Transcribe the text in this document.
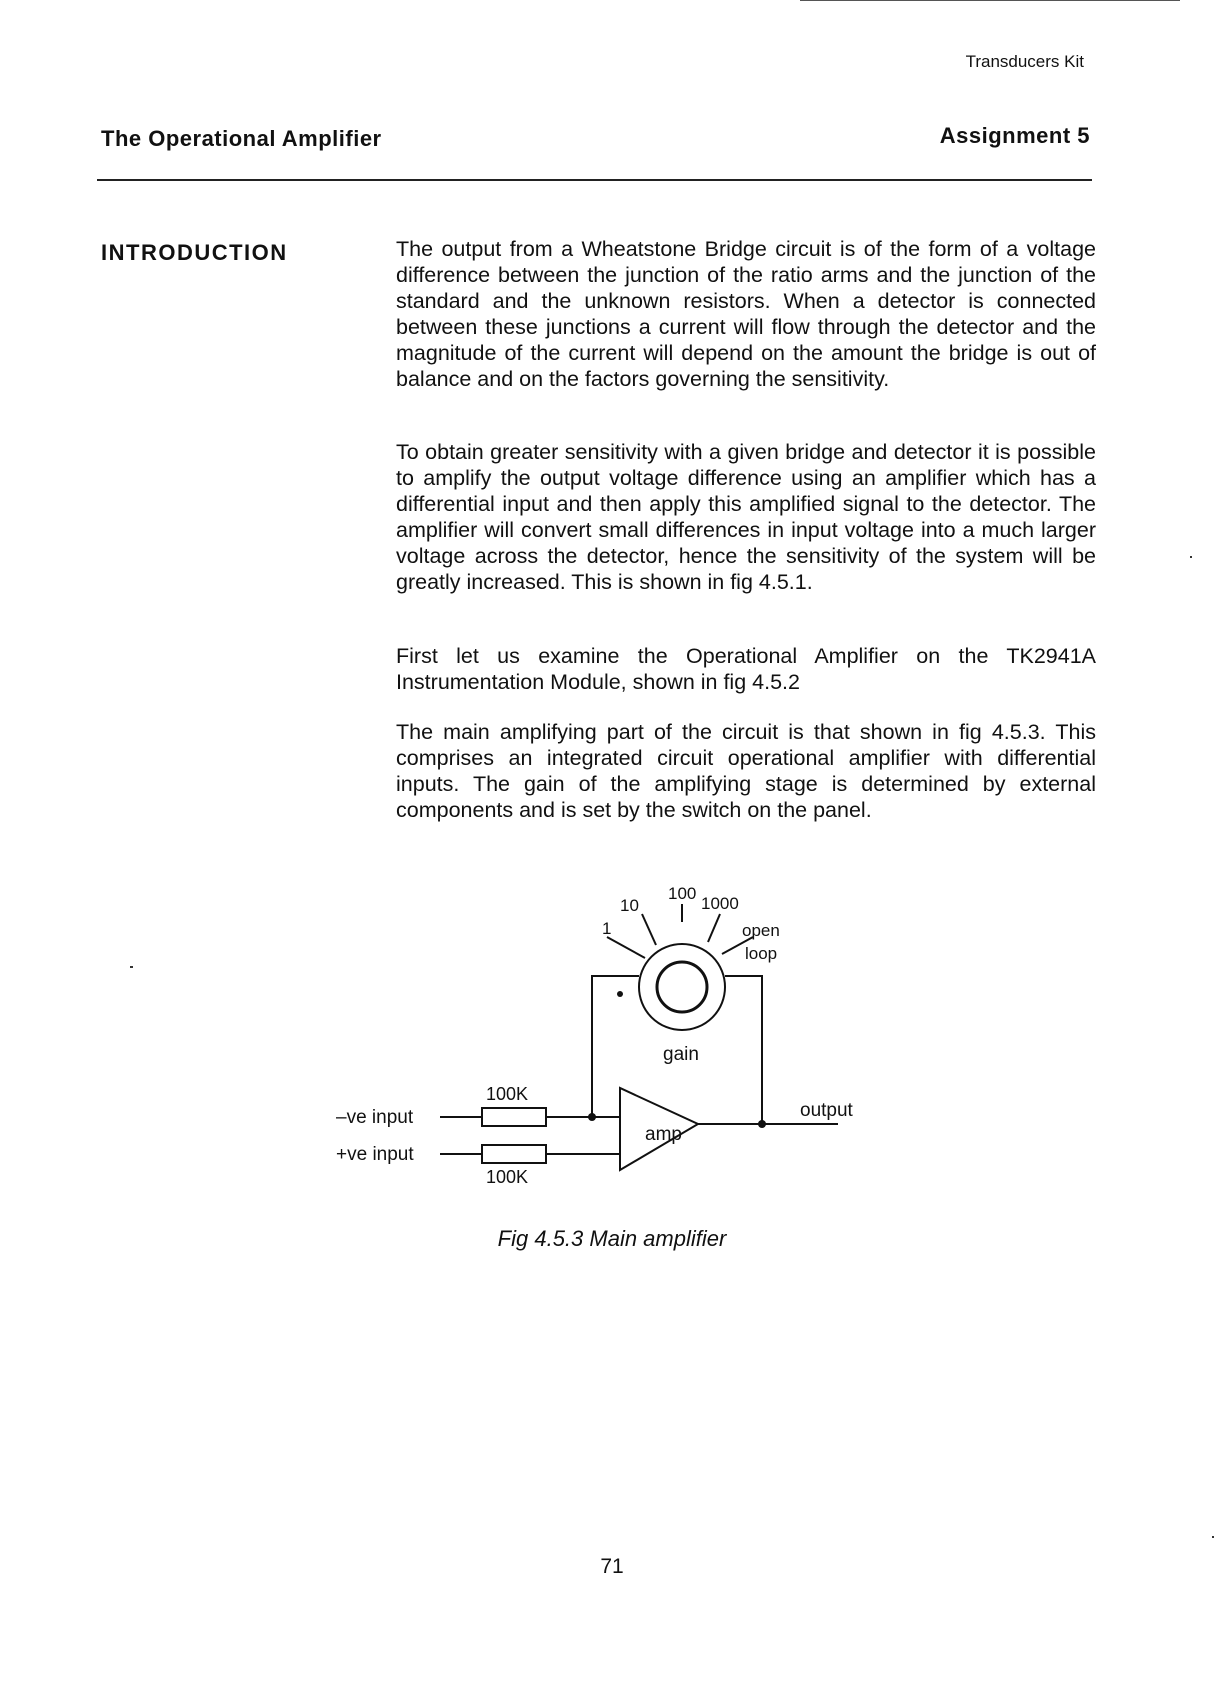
Transducers Kit
The Operational Amplifier	Assignment 5
INTRODUCTION	The output from a Wheatstone Bridge circuit is of the form of a voltage difference between the junction of the ratio arms and the junction of the standard and the unknown resistors. When a detector is connected between these junctions a current will flow through the detector and the magnitude of the current will depend on the amount the bridge is out of balance and on the factors governing the sensitivity.

To obtain greater sensitivity with a given bridge and detector it is possible to amplify the output voltage difference using an amplifier which has a differential input and then apply this amplified signal to the detector. The amplifier will convert small differences in input voltage into a much larger voltage across the detector, hence the sensitivity of the system will be greatly increased. This is shown in fig 4.5.1.

First let us examine the Operational Amplifier on the TK2941A Instrumentation Module, shown in fig 4.5.2

The main amplifying part of the circuit is that shown in fig 4.5.3. This comprises an integrated circuit operational amplifier with differential inputs. The gain of the amplifying stage is determined by external components and is set by the switch on the panel.

1
10
100
1000
open
loop
gain
100K
100K
–ve input
+ve input
amp
output
Fig 4.5.3 Main amplifier
71
